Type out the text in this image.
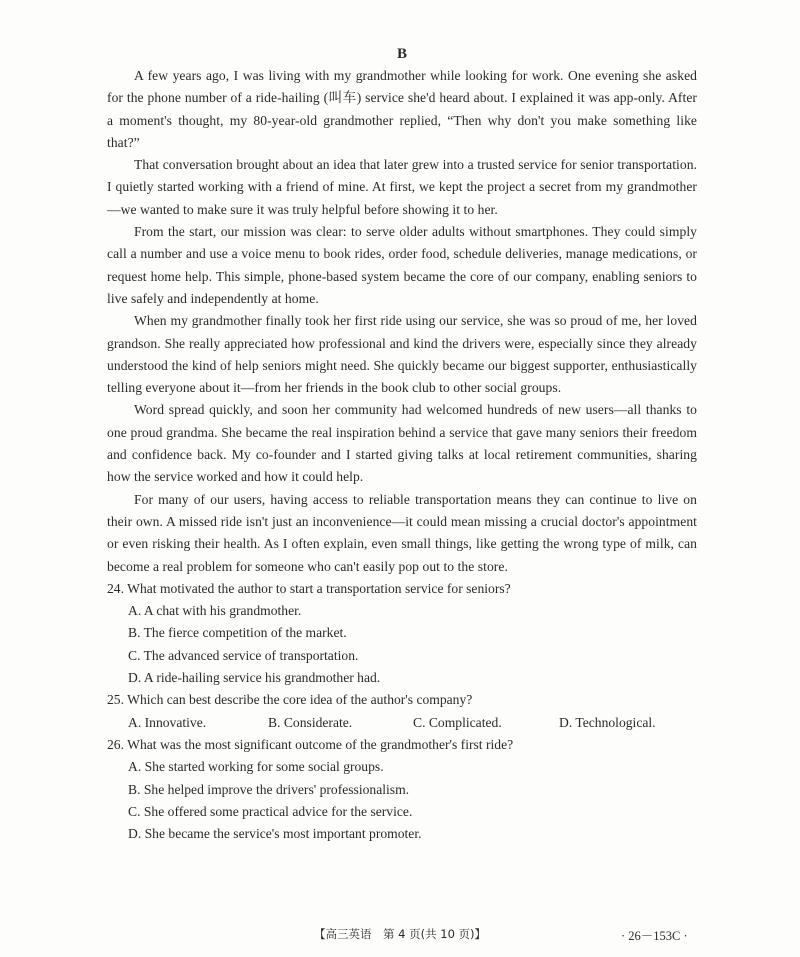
B

A few years ago, I was living with my grandmother while looking for work. One evening she asked for the phone number of a ride-hailing (叫车) service she'd heard about. I explained it was app-only. After a moment's thought, my 80-year-old grandmother replied, “Then why don't you make something like that?”

That conversation brought about an idea that later grew into a trusted service for senior transportation. I quietly started working with a friend of mine. At first, we kept the project a secret from my grandmother—we wanted to make sure it was truly helpful before showing it to her.

From the start, our mission was clear: to serve older adults without smartphones. They could simply call a number and use a voice menu to book rides, order food, schedule deliveries, manage medications, or request home help. This simple, phone-based system became the core of our company, enabling seniors to live safely and independently at home.

When my grandmother finally took her first ride using our service, she was so proud of me, her loved grandson. She really appreciated how professional and kind the drivers were, especially since they already understood the kind of help seniors might need. She quickly became our biggest supporter, enthusiastically telling everyone about it—from her friends in the book club to other social groups.

Word spread quickly, and soon her community had welcomed hundreds of new users—all thanks to one proud grandma. She became the real inspiration behind a service that gave many seniors their freedom and confidence back. My co-founder and I started giving talks at local retirement communities, sharing how the service worked and how it could help.

For many of our users, having access to reliable transportation means they can continue to live on their own. A missed ride isn't just an inconvenience—it could mean missing a crucial doctor's appointment or even risking their health. As I often explain, even small things, like getting the wrong type of milk, can become a real problem for someone who can't easily pop out to the store.

24. What motivated the author to start a transportation service for seniors?

A. A chat with his grandmother.

B. The fierce competition of the market.

C. The advanced service of transportation.

D. A ride-hailing service his grandmother had.

25. Which can best describe the core idea of the author's company?

A. Innovative.	B. Considerate.	C. Complicated.	D. Technological.

26. What was the most significant outcome of the grandmother's first ride?

A. She started working for some social groups.

B. She helped improve the drivers' professionalism.

C. She offered some practical advice for the service.

D. She became the service's most important promoter.

【高三英语　第 4 页(共 10 页)】	· 26－153C ·
